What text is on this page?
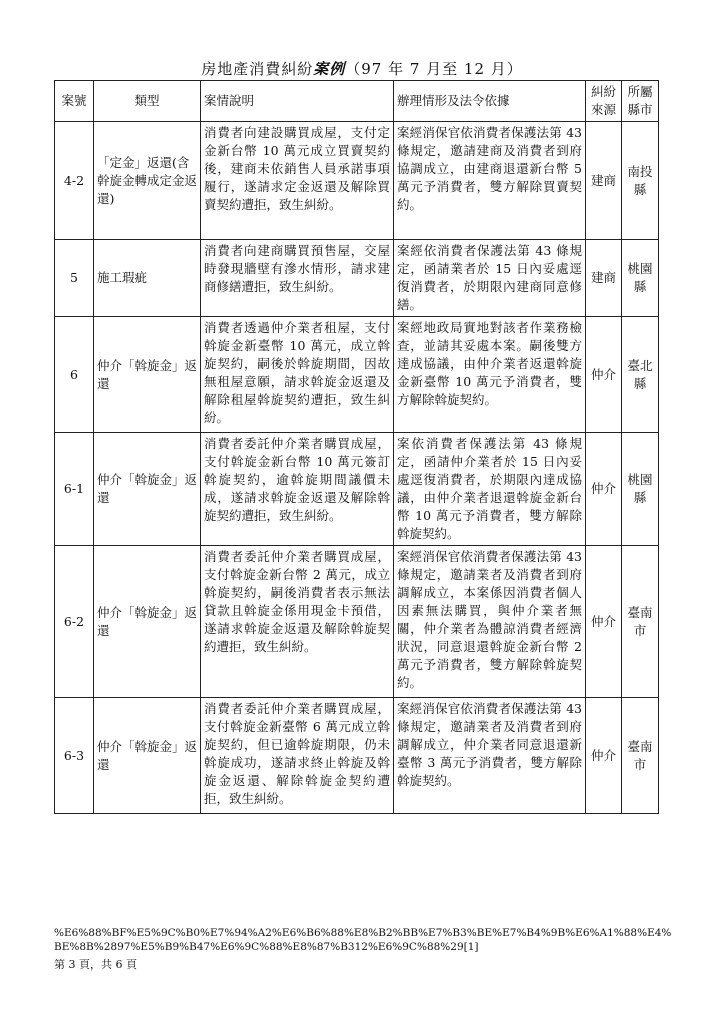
房地產消費糾紛案例（97 年 7 月至 12 月）
案號	類型	案情說明	辦理情形及法令依據	糾紛來源	所屬縣市
4-2	「定金」返還(含幹旋金轉成定金返還)	消費者向建設購買成屋，支付定金新台幣 10 萬元成立買賣契約後，建商未依銷售人員承諾事項履行，遂請求定金返還及解除買賣契約遭拒，致生糾紛。	案經消保官依消費者保護法第 43 條規定，邀請建商及消費者到府協調成立，由建商退還新台幣 5 萬元予消費者，雙方解除買賣契約。	建商	南投縣
5	施工瑕疵	消費者向建商購買預售屋，交屋時發現牆壁有滲水情形，請求建商修繕遭拒，致生糾紛。	案經依消費者保護法第 43 條規定，函請業者於 15 日內妥處逕復消費者，於期限內建商同意修繕。	建商	桃園縣
6	仲介「斡旋金」返還	消費者透過仲介業者租屋，支付斡旋金新臺幣 10 萬元，成立斡旋契約，嗣後於斡旋期間，因故無租屋意願，請求斡旋金返還及解除租屋斡旋契約遭拒，致生糾紛。	案經地政局實地對該者作業務檢查，並請其妥處本案。嗣後雙方達成協議，由仲介業者返還斡旋金新臺幣 10 萬元予消費者，雙方解除斡旋契約。	仲介	臺北縣
6-1	仲介「斡旋金」返還	消費者委託仲介業者購買成屋，支付斡旋金新台幣 10 萬元簽訂斡旋契約，逾斡旋期間議價未成，遂請求斡旋金返還及解除斡旋契約遭拒，致生糾紛。	案依消費者保護法第 43 條規定，函請仲介業者於 15 日內妥處逕復消費者，於期限內達成協議，由仲介業者退還斡旋金新台幣 10 萬元予消費者，雙方解除斡旋契約。	仲介	桃園縣
6-2	仲介「斡旋金」返還	消費者委託仲介業者購買成屋，支付斡旋金新台幣 2 萬元，成立斡旋契約，嗣後消費者表示無法貸款且斡旋金係用現金卡預借，遂請求斡旋金返還及解除斡旋契約遭拒，致生糾紛。	案經消保官依消費者保護法第 43 條規定，邀請業者及消費者到府調解成立，本案係因消費者個人因素無法購買，與仲介業者無關，仲介業者為體諒消費者經濟狀況，同意退還斡旋金新台幣 2 萬元予消費者，雙方解除斡旋契約。	仲介	臺南市
6-3	仲介「斡旋金」返還	消費者委託仲介業者購買成屋，支付斡旋金新臺幣 6 萬元成立斡旋契約，但已逾斡旋期限，仍未斡旋成功，遂請求終止斡旋及斡旋金返還、解除斡旋金契約遭拒，致生糾紛。	案經消保官依消費者保護法第 43 條規定，邀請業者及消費者到府調解成立，仲介業者同意退還新臺幣 3 萬元予消費者，雙方解除斡旋契約。	仲介	臺南市
%E6%88%BF%E5%9C%B0%E7%94%A2%E6%B6%88%E8%B2%BB%E7%B3%BE%E7%B4%9B%E6%A1%88%E4%BE%8B%2897%E5%B9%B47%E6%9C%88%E8%87%B312%E6%9C%88%29[1]
第 3 頁，共 6 頁
